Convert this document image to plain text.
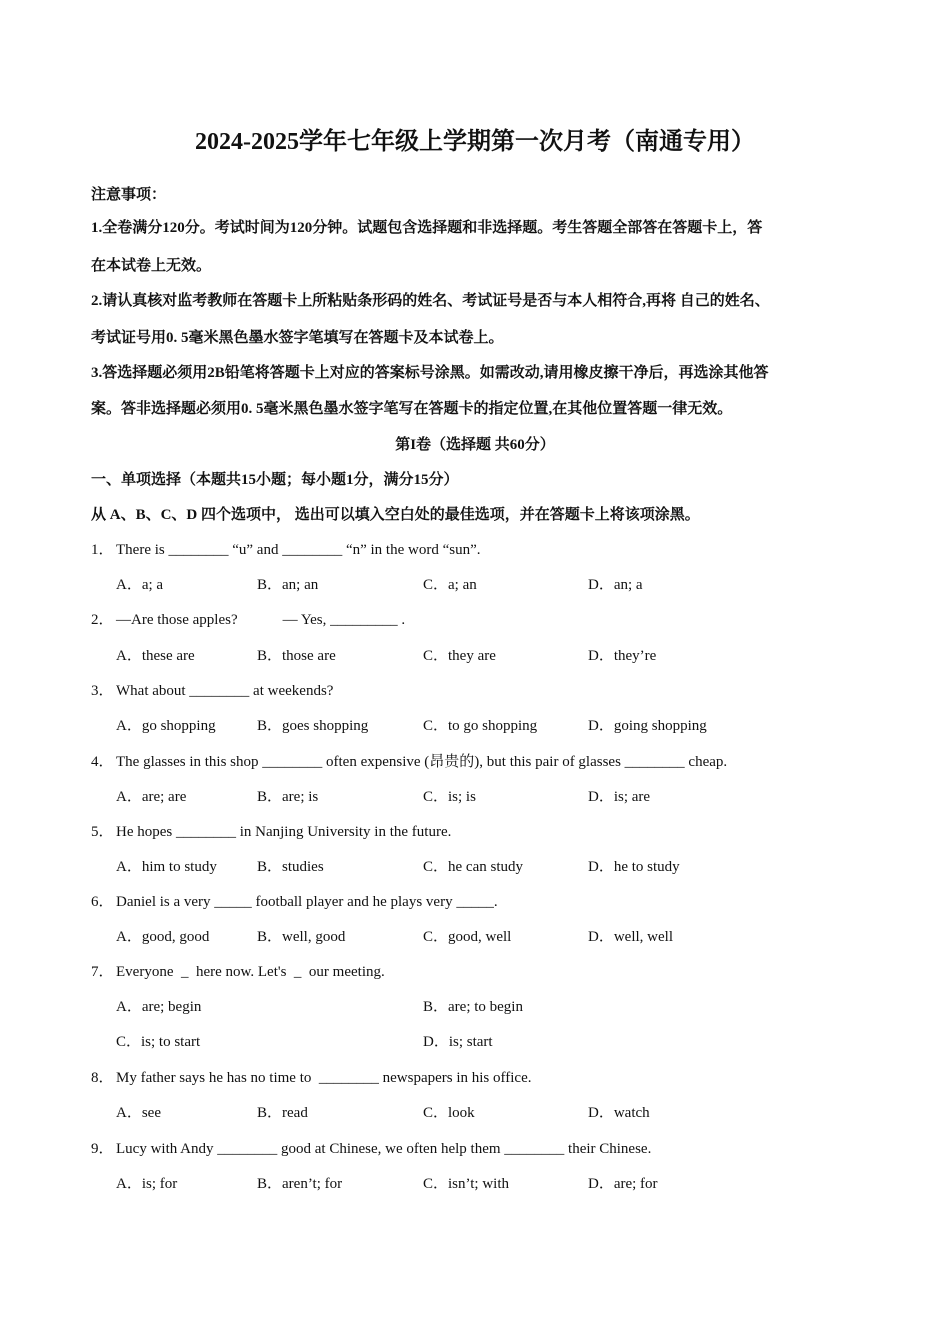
2024-2025学年七年级上学期第一次月考（南通专用）
注意事项：
1.全卷满分120分。考试时间为120分钟。试题包含选择题和非选择题。考生答题全部答在答题卡上，答
在本试卷上无效。
2.请认真核对监考教师在答题卡上所粘贴条形码的姓名、考试证号是否与本人相符合,再将 自己的姓名、
考试证号用0. 5毫米黑色墨水签字笔填写在答题卡及本试卷上。
3.答选择题必须用2B铅笔将答题卡上对应的答案标号涂黑。如需改动,请用橡皮擦干净后，再选涂其他答
案。答非选择题必须用0. 5毫米黑色墨水签字笔写在答题卡的指定位置,在其他位置答题一律无效。
第I卷（选择题 共60分）
一、单项选择（本题共15小题；每小题1分，满分15分）
从 A、B、C、D 四个选项中， 选出可以填入空白处的最佳选项，并在答题卡上将该项涂黑。
1． There is ________ “u” and ________ “n” in the word “sun”.
A．a; a	B．an; an	C．a; an	D．an; a
2． —Are those apples?            — Yes, _________ .
A．these are	B．those are	C．they are	D．they’re
3． What about ________ at weekends?
A．go shopping	B．goes shopping	C．to go shopping	D．going shopping
4． The glasses in this shop ________ often expensive (昂贵的), but this pair of glasses ________ cheap.
A．are; are	B．are; is	C．is; is	D．is; are
5． He hopes ________ in Nanjing University in the future.
A．him to study	B．studies	C．he can study	D．he to study
6． Daniel is a very _____ football player and he plays very _____.
A．good, good	B．well, good	C．good, well	D．well, well
7． Everyone  _  here now. Let's  _  our meeting.
A．are; begin	B．are; to begin
C．is; to start	D．is; start
8． My father says he has no time to  ________ newspapers in his office.
A．see	B．read	C．look	D．watch
9． Lucy with Andy ________ good at Chinese, we often help them ________ their Chinese.
A．is; for	B．aren’t; for	C．isn’t; with	D．are; for
